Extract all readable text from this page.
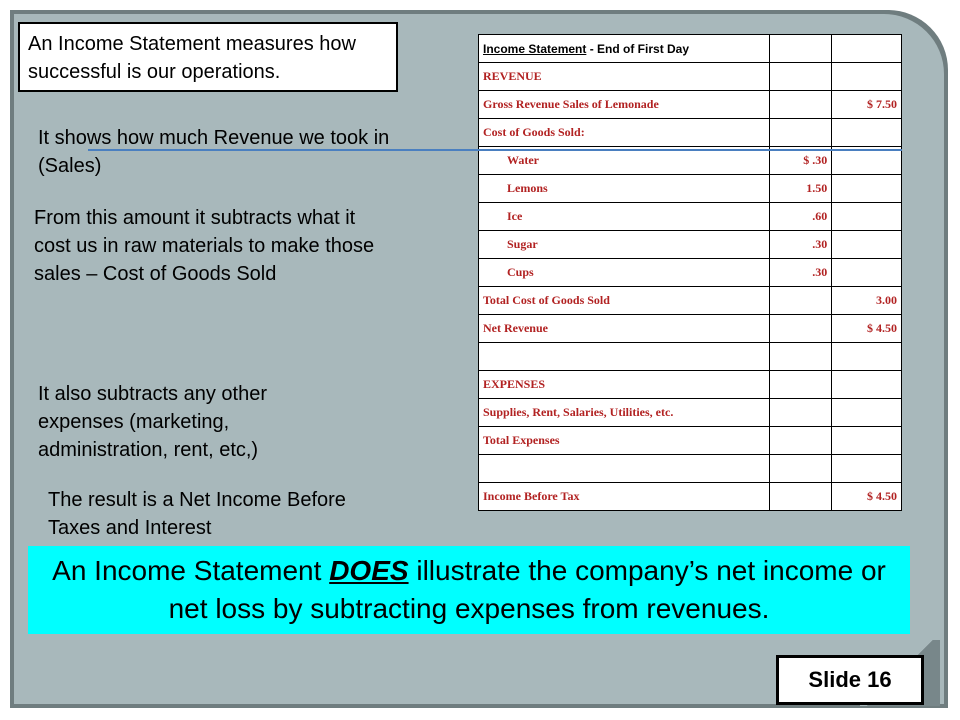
An Income Statement measures how successful is our operations.
It shows how much Revenue we took in (Sales)
From this amount it subtracts what it cost us in raw materials to make those sales – Cost of Goods Sold
It also subtracts any other expenses (marketing, administration, rent, etc,)
The result is a Net Income Before Taxes and Interest
Income Statement - End of First Day		
REVENUE		
Gross Revenue Sales of Lemonade		$ 7.50
Cost of Goods Sold:		
Water	$ .30	
Lemons	1.50	
Ice	.60	
Sugar	.30	
Cups	.30	
Total Cost of Goods Sold		3.00
Net Revenue		$ 4.50

EXPENSES		
Supplies, Rent, Salaries, Utilities, etc.		
Total Expenses		

Income Before Tax		$ 4.50
An Income Statement DOES illustrate the company’s net income or net loss by subtracting expenses from revenues.
Slide 16
